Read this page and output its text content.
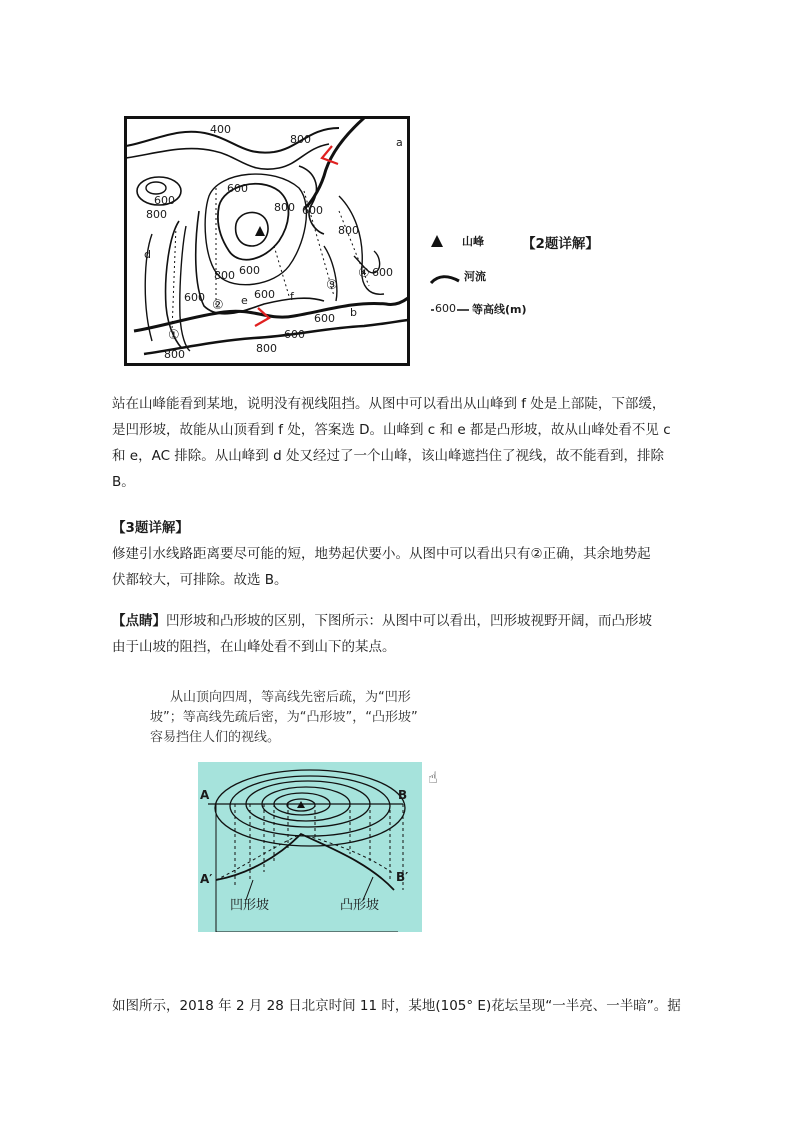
400
600
800
800
600
800 600
800
800
600
600
600
800
600
800
600
600
a
b
d
e	f
①
②
③
④
山峰
河流
600 等高线(m)
【2题详解】
站在山峰能看到某地，说明没有视线阻挡。从图中可以看出从山峰到 f 处是上部陡，下部缓，
是凹形坡，故能从山顶看到 f 处，答案选 D。山峰到 c 和 e 都是凸形坡，故从山峰处看不见 c
和 e，AC 排除。从山峰到 d 处又经过了一个山峰，该山峰遮挡住了视线，故不能看到，排除
B。
【3题详解】
修建引水线路距离要尽可能的短，地势起伏要小。从图中可以看出只有②正确，其余地势起
伏都较大，可排除。故选 B。
【点睛】凹形坡和凸形坡的区别，下图所示：从图中可以看出，凹形坡视野开阔，而凸形坡
由于山坡的阻挡，在山峰处看不到山下的某点。
从山顶向四周，等高线先密后疏，为“凹形
坡”；等高线先疏后密，为“凸形坡”，“凸形坡”
容易挡住人们的视线。
☝
A	B
A′	B′
凹形坡	凸形坡
如图所示，2018 年 2 月 28 日北京时间 11 时，某地(105° E)花坛呈现“一半亮、一半暗”。据
